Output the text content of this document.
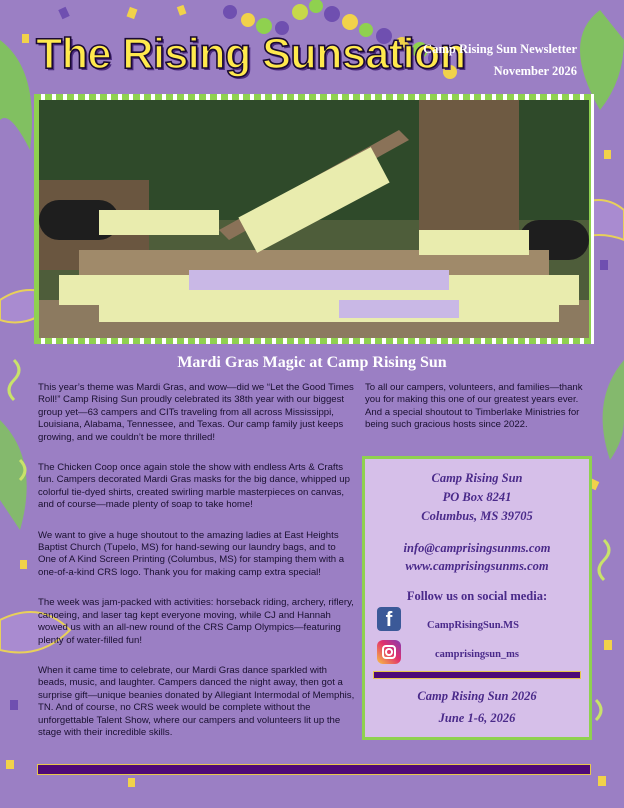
The Rising Sunsation
Camp Rising Sun Newsletter
November 2026
Mardi Gras Magic at Camp Rising Sun

This year’s theme was Mardi Gras, and wow—did we “Let the Good Times Roll!” Camp Rising Sun proudly celebrated its 38th year with our biggest group yet—63 campers and CITs traveling from all across Mississippi, Louisiana, Alabama, Tennessee, and Texas. Our camp family just keeps growing, and we couldn’t be more thrilled!

The Chicken Coop once again stole the show with endless Arts & Crafts fun. Campers decorated Mardi Gras masks for the big dance, whipped up colorful tie-dyed shirts, created swirling marble masterpieces on canvas, and of course—made plenty of soap to take home!

We want to give a huge shoutout to the amazing ladies at East Heights Baptist Church (Tupelo, MS) for hand-sewing our laundry bags, and to One of A Kind Screen Printing (Columbus, MS) for stamping them with a one-of-a-kind CRS logo. Thank you for making camp extra special!

The week was jam-packed with activities: horseback riding, archery, riflery, canoeing, and laser tag kept everyone moving, while CJ and Hannah wowed us with an all-new round of the CRS Camp Olympics—featuring plenty of water-filled fun!

When it came time to celebrate, our Mardi Gras dance sparkled with beads, music, and laughter. Campers danced the night away, then got a surprise gift—unique beanies donated by Allegiant Intermodal of Memphis, TN. And of course, no CRS week would be complete without the unforgettable Talent Show, where our campers and volunteers lit up the stage with their incredible skills.

To all our campers, volunteers, and families—thank you for making this one of our greatest years ever. And a special shoutout to Timberlake Ministries for being such gracious hosts since 2022.

Camp Rising Sun
PO Box 8241
Columbus, MS 39705
info@camprisingsunms.com
www.camprisingsunms.com
Follow us on social media:
f	CampRisingSun.MS
camprisingsun_ms
Camp Rising Sun 2026
June 1-6, 2026
